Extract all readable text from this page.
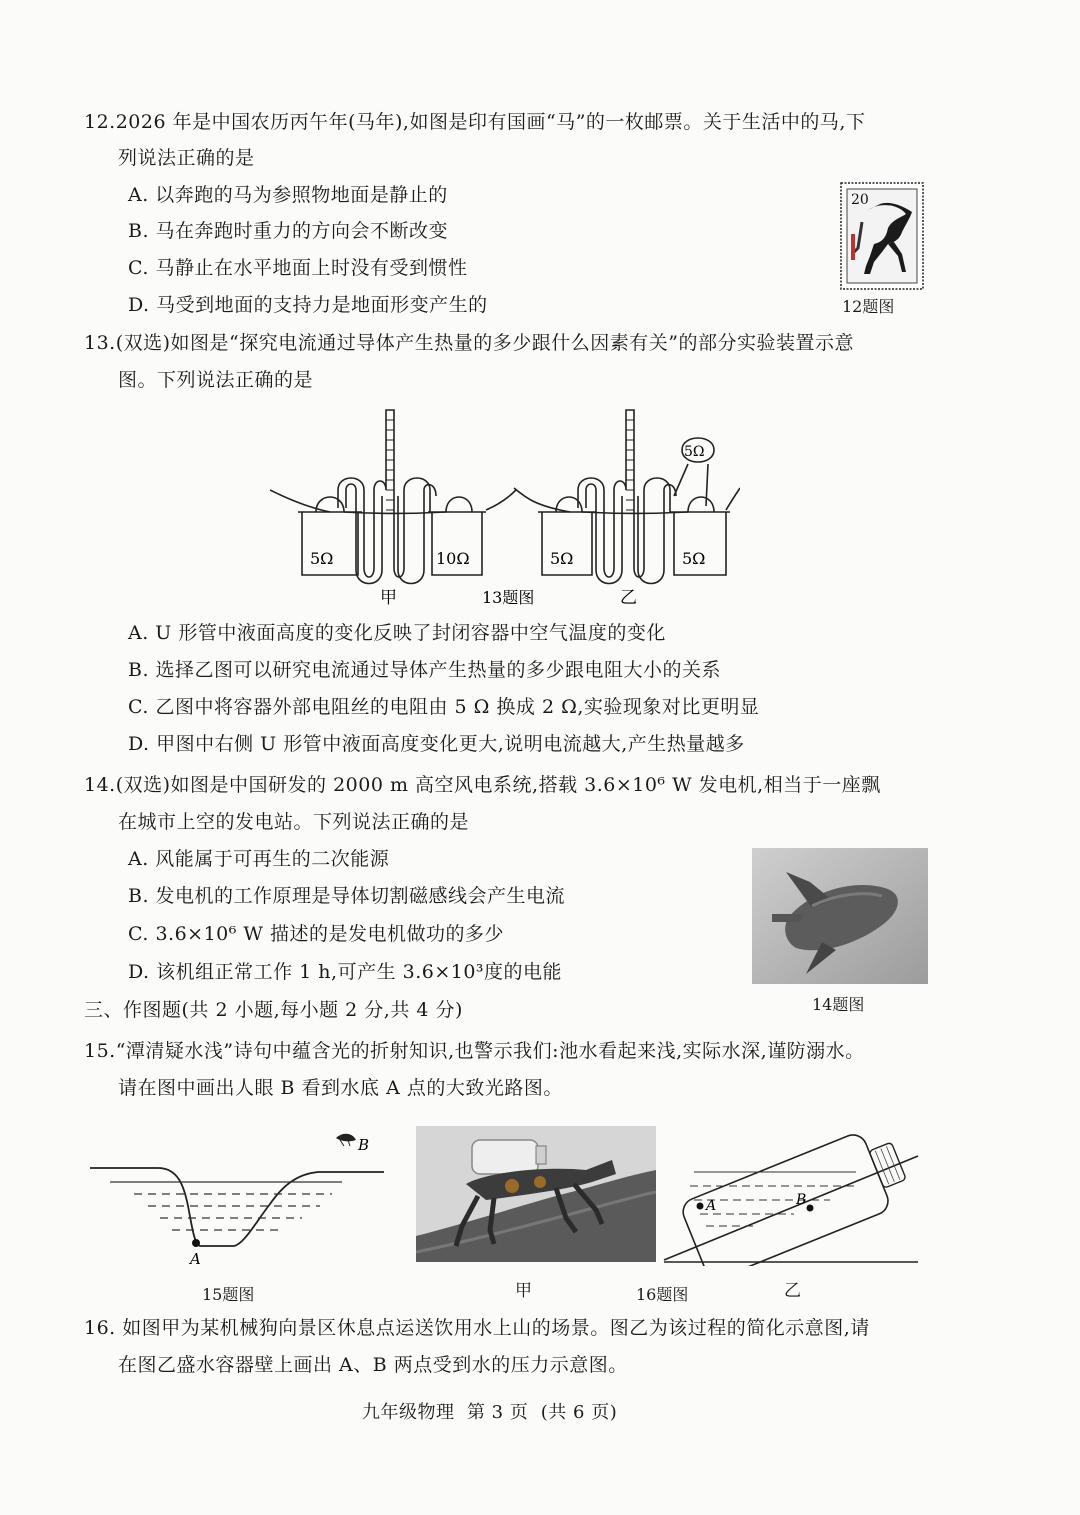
12.2026 年是中国农历丙午年(马年),如图是印有国画“马”的一枚邮票。关于生活中的马,下
列说法正确的是
A. 以奔跑的马为参照物地面是静止的
B. 马在奔跑时重力的方向会不断改变
C. 马静止在水平地面上时没有受到惯性
D. 马受到地面的支持力是地面形变产生的
20
12题图
13.(双选)如图是“探究电流通过导体产生热量的多少跟什么因素有关”的部分实验装置示意
图。下列说法正确的是
5Ω	10Ω	5Ω	5Ω
5Ω
甲	13题图	乙
A. U 形管中液面高度的变化反映了封闭容器中空气温度的变化
B. 选择乙图可以研究电流通过导体产生热量的多少跟电阻大小的关系
C. 乙图中将容器外部电阻丝的电阻由 5 Ω 换成 2 Ω,实验现象对比更明显
D. 甲图中右侧 U 形管中液面高度变化更大,说明电流越大,产生热量越多
14.(双选)如图是中国研发的 2000 m 高空风电系统,搭载 3.6×10⁶ W 发电机,相当于一座飘
在城市上空的发电站。下列说法正确的是
A. 风能属于可再生的二次能源
B. 发电机的工作原理是导体切割磁感线会产生电流
C. 3.6×10⁶ W 描述的是发电机做功的多少
D. 该机组正常工作 1 h,可产生 3.6×10³度的电能
14题图
三、作图题(共 2 小题,每小题 2 分,共 4 分)
15.“潭清疑水浅”诗句中蕴含光的折射知识,也警示我们:池水看起来浅,实际水深,谨防溺水。
请在图中画出人眼 B 看到水底 A 点的大致光路图。
A
B
15题图	甲	16题图
A	B
乙
16. 如图甲为某机械狗向景区休息点运送饮用水上山的场景。图乙为该过程的简化示意图,请
在图乙盛水容器壁上画出 A、B 两点受到水的压力示意图。
九年级物理  第 3 页  (共 6 页)
